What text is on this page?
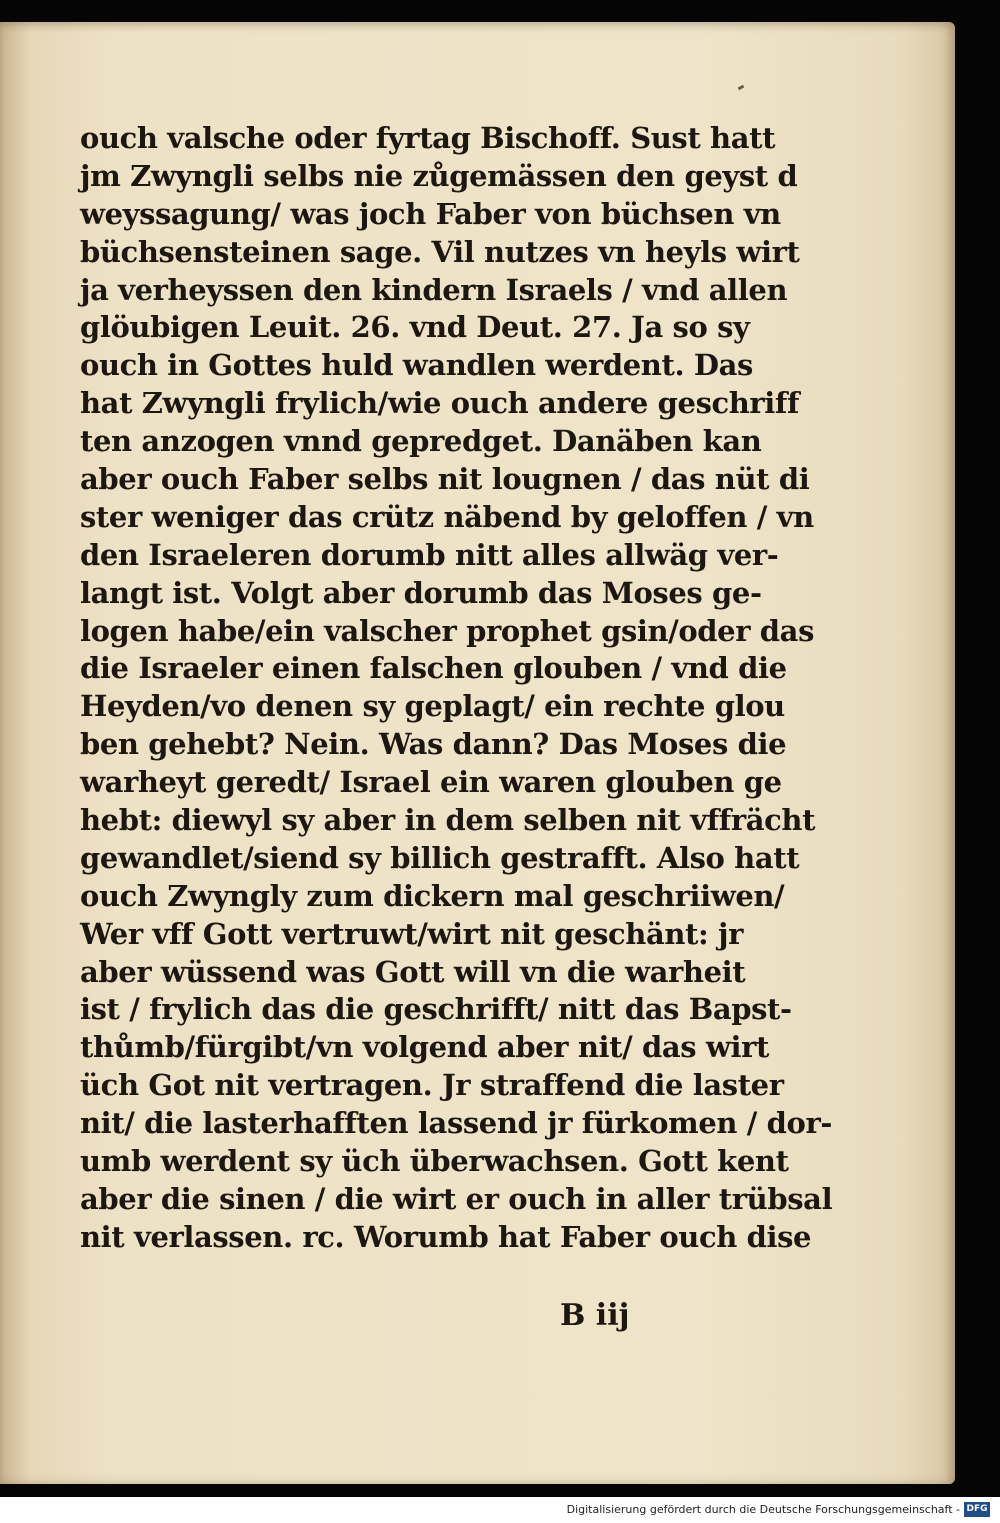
ouch valsche oder fyrtag Bischoff. Sust hatt
jm Zwyngli selbs nie zůgemässen den geyst d
weyssagung/ was joch Faber von büchsen vn
büchsensteinen sage. Vil nutzes vn heyls wirt
ja verheyssen den kindern Israels / vnd allen
glöubigen Leuit. 26. vnd Deut. 27. Ja so sy
ouch in Gottes huld wandlen werdent. Das
hat Zwyngli frylich/wie ouch andere geschriff
ten anzogen vnnd gepredget. Danäben kan
aber ouch Faber selbs nit lougnen / das nüt di
ster weniger das crütz näbend by geloffen / vn
den Israeleren dorumb nitt alles allwäg ver-
langt ist. Volgt aber dorumb das Moses ge-
logen habe/ein valscher prophet gsin/oder das
die Israeler einen falschen glouben / vnd die
Heyden/vo denen sy geplagt/ ein rechte glou
ben gehebt? Nein. Was dann? Das Moses die
warheyt geredt/ Israel ein waren glouben ge
hebt: diewyl sy aber in dem selben nit vffrächt
gewandlet/siend sy billich gestrafft. Also hatt
ouch Zwyngly zum dickern mal geschriiwen/
Wer vff Gott vertruwt/wirt nit geschänt: jr
aber wüssend was Gott will vn die warheit
ist / frylich das die geschrifft/ nitt das Bapst-
thůmb/fürgibt/vn volgend aber nit/ das wirt
üch Got nit vertragen. Jr straffend die laster
nit/ die lasterhafften lassend jr fürkomen / dor-
umb werdent sy üch überwachsen. Gott kent
aber die sinen / die wirt er ouch in aller trübsal
nit verlassen. rc. Worumb hat Faber ouch dise
B iij
Digitalisierung gefördert durch die Deutsche Forschungsgemeinschaft - DFG
